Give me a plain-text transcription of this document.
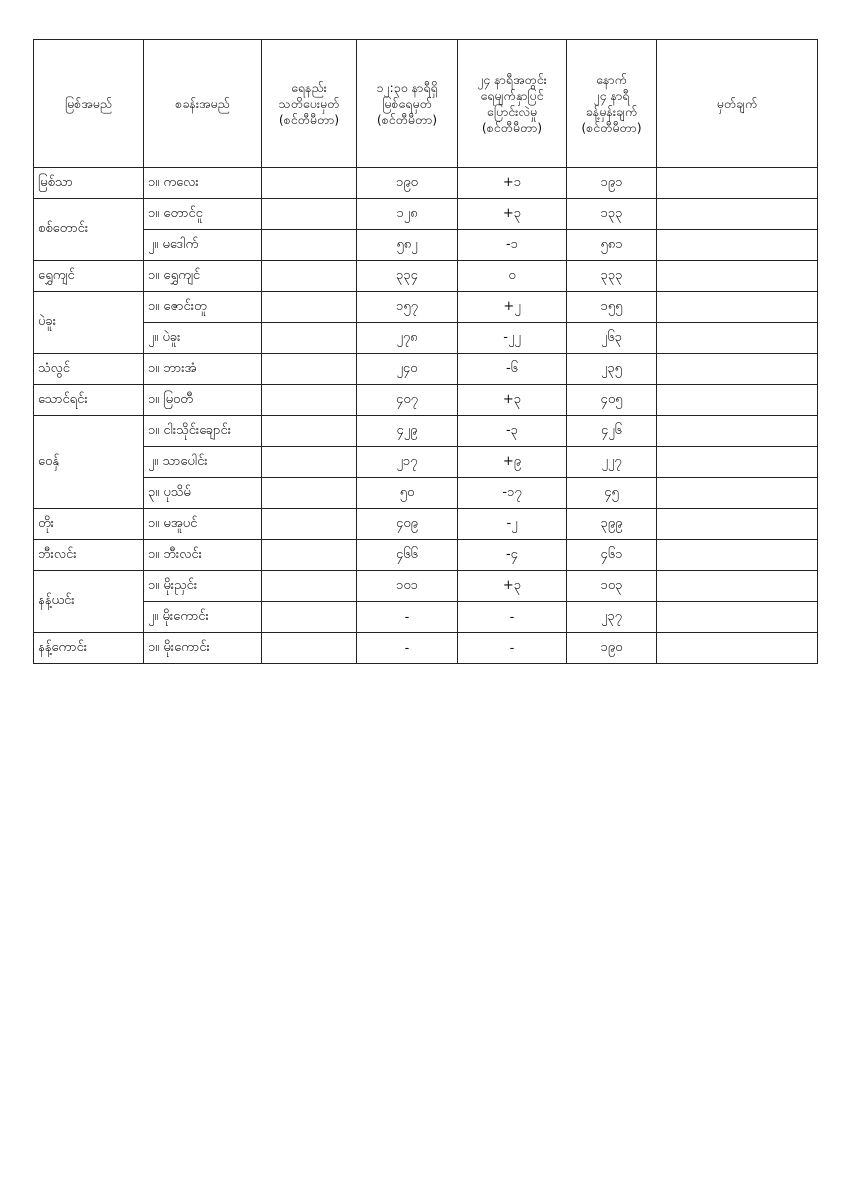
မြစ်အမည်	စခန်းအမည်	ရေနည်း
သတိပေးမှတ်
(စင်တီမီတာ)	၁၂:၃၀ နာရီရှိ
မြစ်ရေမှတ်
(စင်တီမီတာ)	၂၄ နာရီအတွင်း
ရေမျက်နှာပြင်
ပြောင်းလဲမှု
(စင်တီမီတာ)	နောက်
၂၄ နာရီ
ခန့်မှန်းချက်
(စင်တီမီတာ)	မှတ်ချက်
မြစ်သာ	၁။ ကလေး		၁၉၀	+၁	၁၉၁	
စစ်တောင်း	၁။ တောင်ငူ		၁၂၈	+၃	၁၃၃	
	၂။ မဒေါက်		၅၈၂	-၁	၅၈၁	
ရွှေကျင်	၁။ ရွှေကျင်		၃၃၄	၀	၃၃၃	
ပဲခူး	၁။ ဇောင်းတူ		၁၅၇	+၂	၁၅၅	
	၂။ ပဲခူး		၂၇၈	-၂၂	၂၆၃	
သံလွင်	၁။ ဘားအံ		၂၄၀	-၆	၂၃၅	
သောင်ရင်း	၁။ မြဝတီ		၄၀၇	+၃	၄၀၅	
ဝေနှ်	၁။ ငါးသိုင်းချောင်း		၄၂၉	-၃	၄၂၆	
	၂။ သာပေါင်း		၂၁၇	+၉	၂၂၇	
	၃။ ပုသိမ်		၅၀	-၁၇	၄၅	
တိုး	၁။ မအူပင်		၄၀၉	-၂	၃၉၉	
ဘီးလင်း	၁။ ဘီးလင်း		၄၆၆	-၄	၄၆၁	
နန့်ယင်း	၁။ မိုးညှင်း		၁၀၁	+၃	၁၀၃	
	၂။ မိုးကောင်း		-	-	၂၃၇	
နန့်ကောင်း	၁။ မိုးကောင်း		-	-	၁၉၀	
